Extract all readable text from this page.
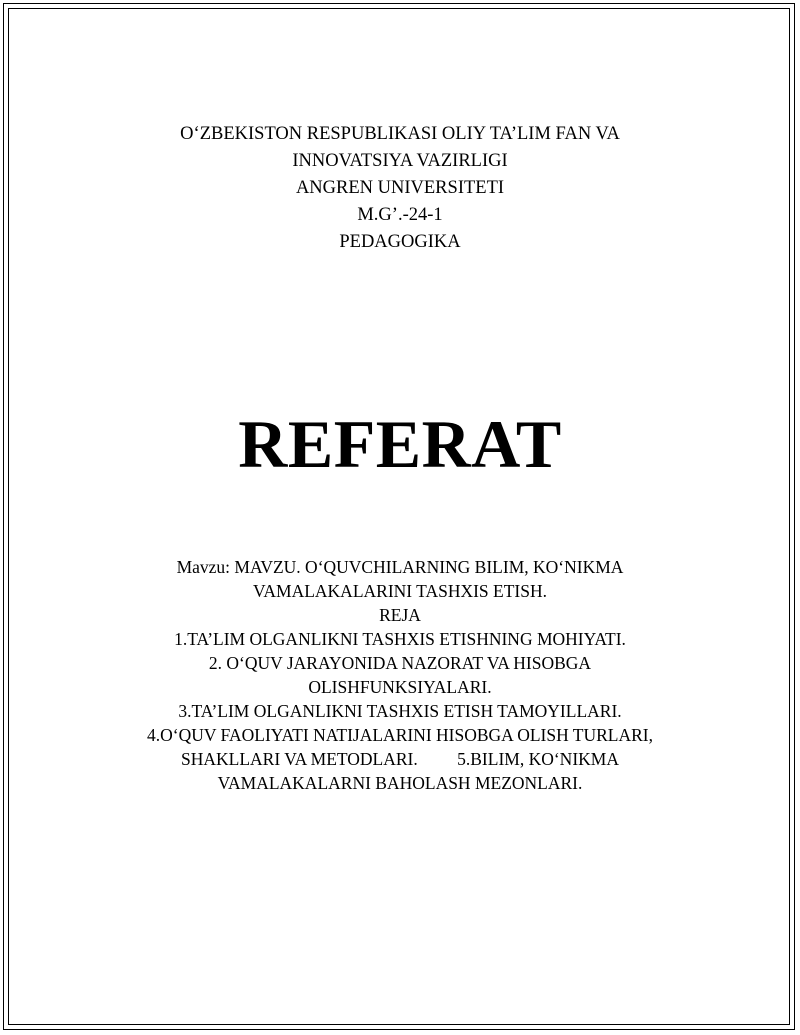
O‘ZBEKISTON RESPUBLIKASI OLIY TA’LIM FAN VA
INNOVATSIYA VAZIRLIGI
ANGREN UNIVERSITETI
M.G’.-24-1
PEDAGOGIKA
REFERAT
Mavzu: MAVZU. O‘QUVCHILARNING BILIM, KO‘NIKMA
VAMALAKALARINI TASHXIS ETISH.
REJA
1.TA’LIM OLGANLIKNI TASHXIS ETISHNING MOHIYATI.
2. O‘QUV JARAYONIDA NAZORAT VA HISOBGA
OLISHFUNKSIYALARI.
3.TA’LIM OLGANLIKNI TASHXIS ETISH TAMOYILLARI.
4.O‘QUV FAOLIYATI NATIJALARINI HISOBGA OLISH TURLARI,
SHAKLLARI VA METODLARI.         5.BILIM, KO‘NIKMA
VAMALAKALARNI BAHOLASH MEZONLARI.
